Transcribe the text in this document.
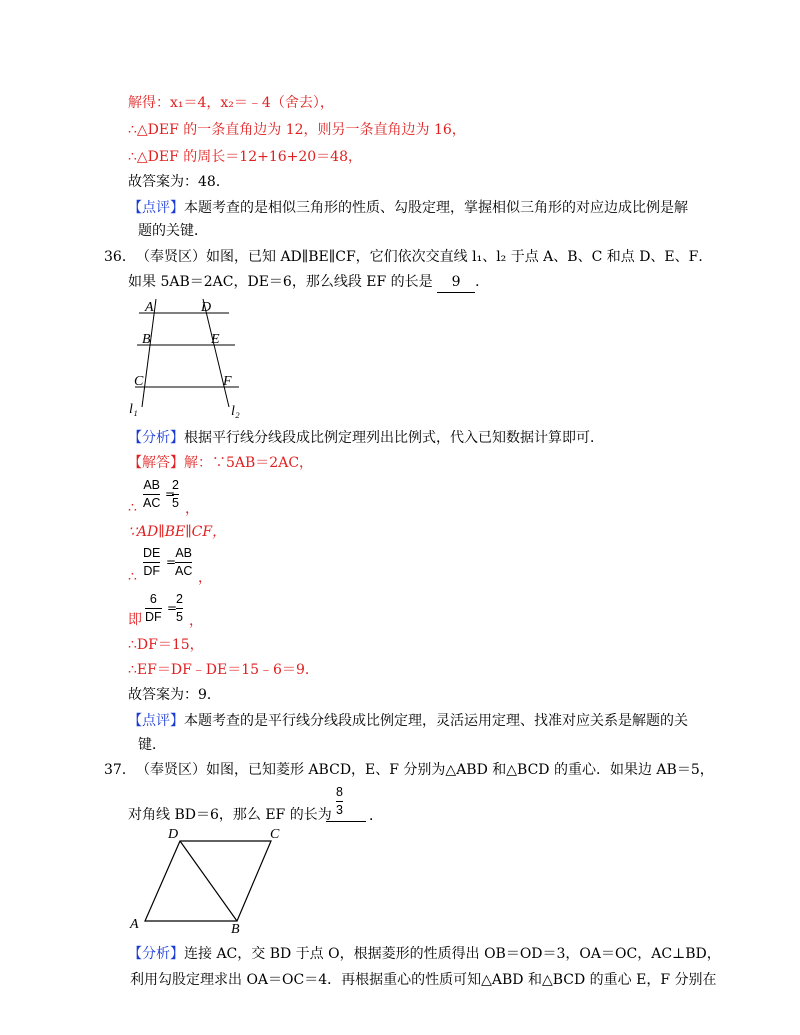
解得：x₁＝4，x₂＝﹣4（舍去），
∴△DEF 的一条直角边为 12，则另一条直角边为 16，
∴△DEF 的周长＝12+16+20＝48，
故答案为：48．
【点评】本题考查的是相似三角形的性质、勾股定理，掌握相似三角形的对应边成比例是解
题的关键．
36． （奉贤区）如图，已知 AD∥BE∥CF，它们依次交直线 l₁、l₂ 于点 A、B、C 和点 D、E、F．
如果 5AB＝2AC，DE＝6，那么线段 EF 的长是 9 ．
A	D
B	E
C	F
l₁	l₂
【分析】根据平行线分线段成比例定理列出比例式，代入已知数据计算即可．
【解答】解：∵5AB＝2AC，
∴
AB
AC
2
5
=
，
∵AD∥BE∥CF，
∴
DE
DF
=
AB
AC ，
即
6
DF
=
2
5 ，
∴DF＝15，
∴EF＝DF﹣DE＝15﹣6＝9．
故答案为：9．
【点评】本题考查的是平行线分线段成比例定理，灵活运用定理、找准对应关系是解题的关
键．
37． （奉贤区）如图，已知菱形 ABCD，E、F 分别为△ABD 和△BCD 的重心．如果边 AB＝5，
对角线 BD＝6，那么 EF 的长为
8
3 ．
D	C
A	B
【分析】连接 AC，交 BD 于点 O，根据菱形的性质得出 OB＝OD＝3，OA＝OC，AC⊥BD，
利用勾股定理求出 OA＝OC＝4．再根据重心的性质可知△ABD 和△BCD 的重心 E，F 分别在
